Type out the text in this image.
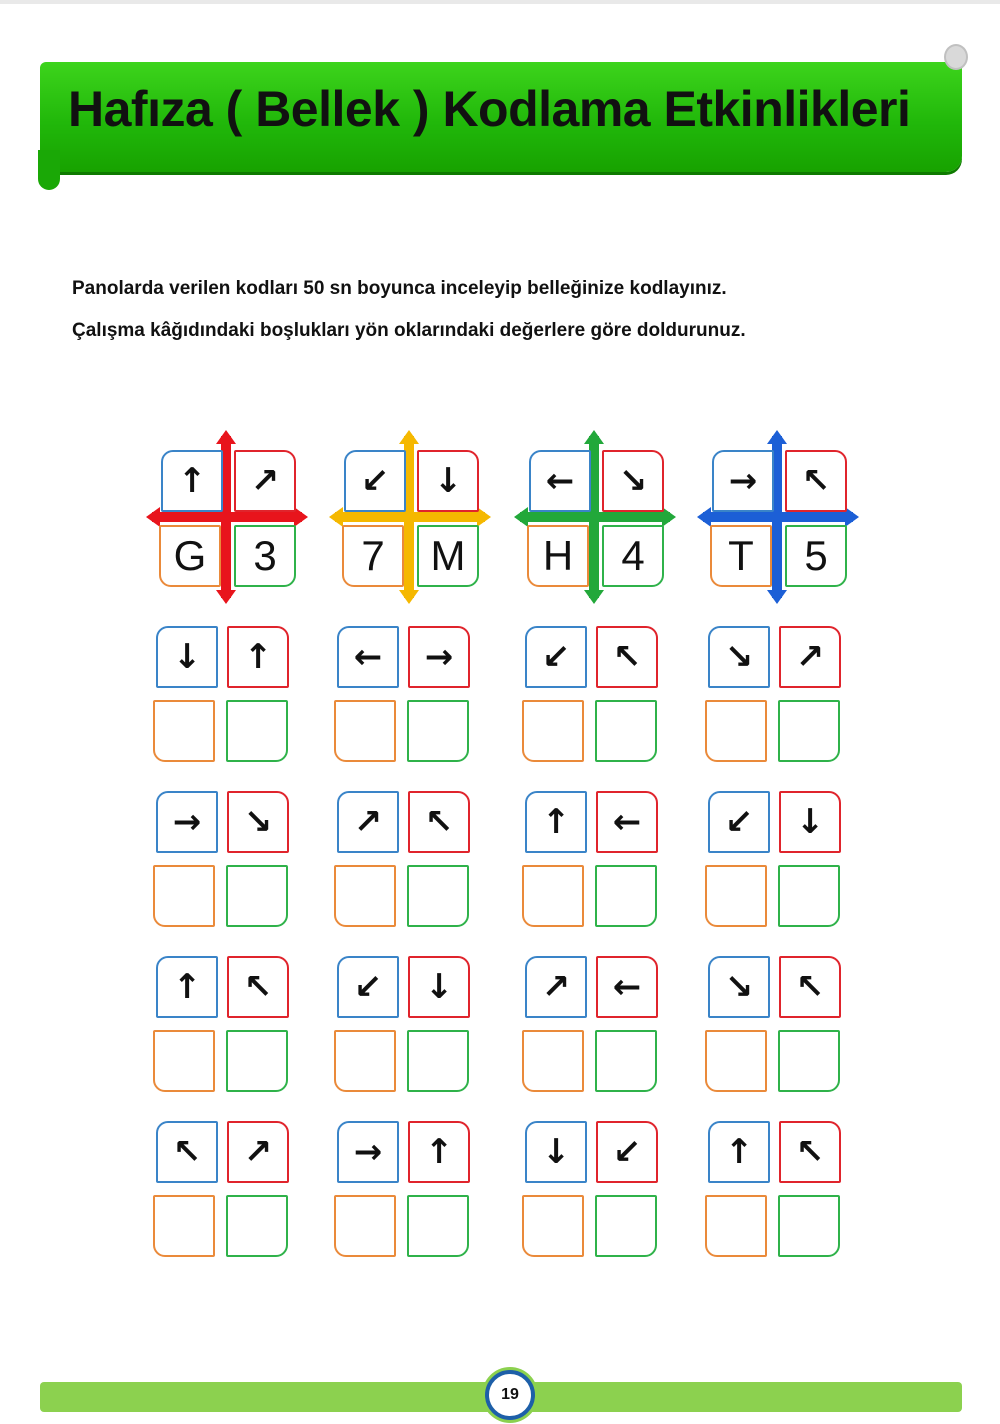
Hafıza ( Bellek ) Kodlama Etkinlikleri
Panolarda verilen kodları 50 sn boyunca inceleyip belleğinize kodlayınız.
Çalışma kâğıdındaki boşlukları yön oklarındaki değerlere göre doldurunuz.
↑ ↗
G 3
↙ ↓
7 M
← ↘
H 4
→ ↖
T 5
↓ ↑ ← →	↙ ↖ ↘ ↗
→ ↘ ↗ ↖	↑ ← ↙ ↓
↑ ↖ ↙ ↓	↗ ← ↘ ↖
↖ ↗ → ↑	↓ ↙ ↑ ↖
19
